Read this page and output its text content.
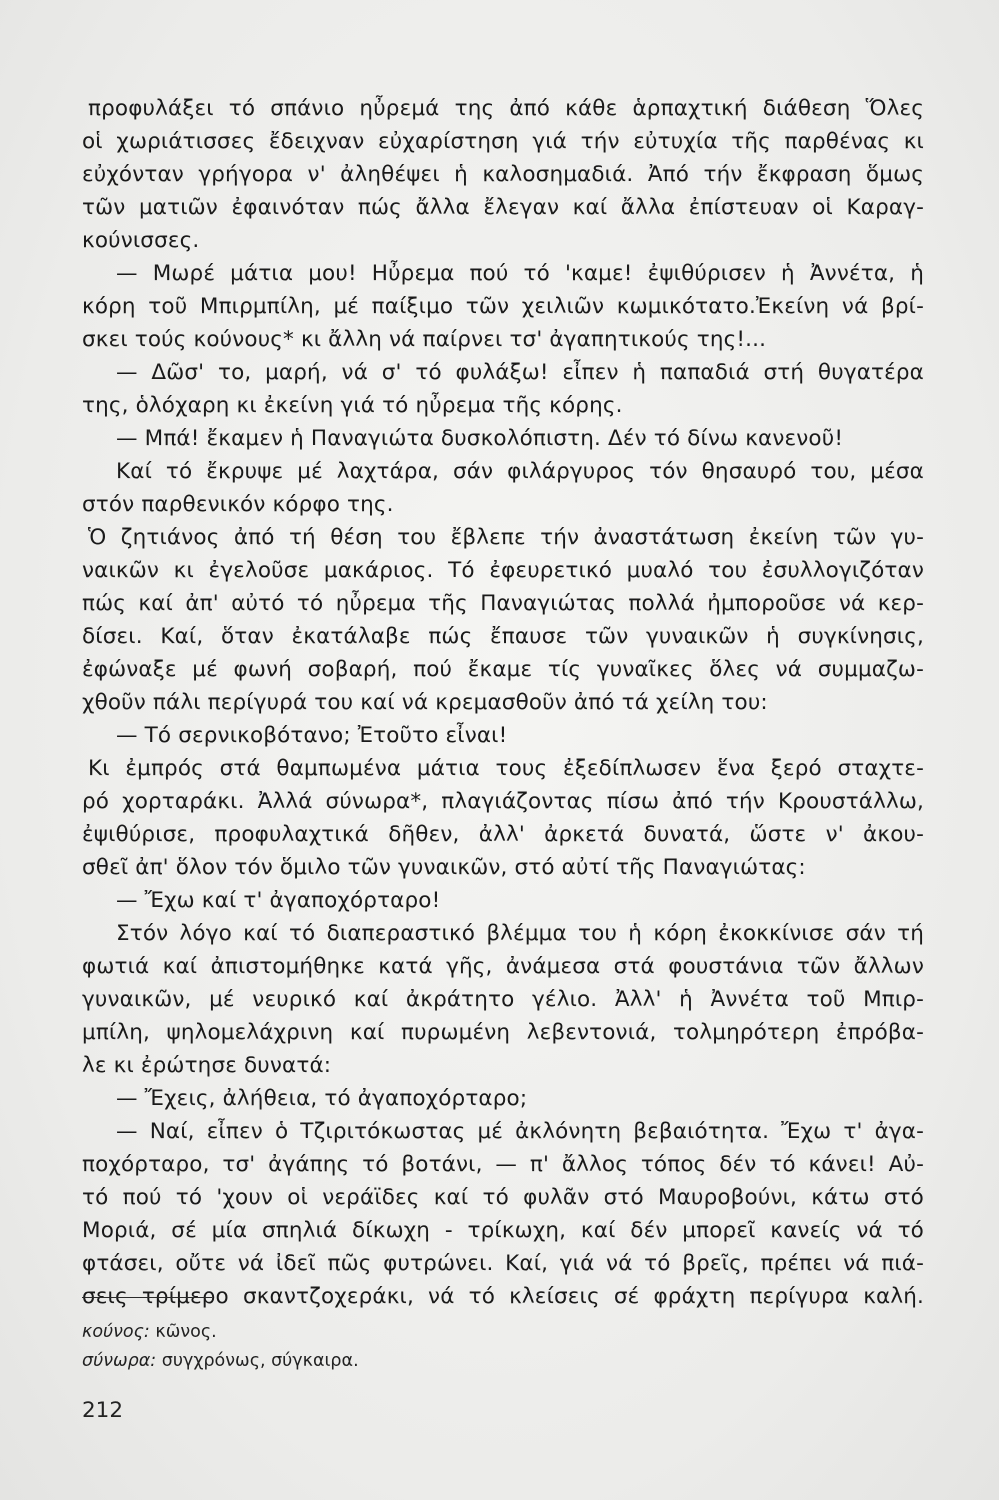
προφυλάξει τό σπάνιο ηὖρεμά της ἀπό κάθε ἁρπαχτική διάθεση Ὅλες
οἱ χωριάτισσες ἔδειχναν εὐχαρίστηση γιά τήν εὐτυχία τῆς παρθένας κι
εὐχόνταν γρήγορα ν' ἀληθέψει ἡ καλοσημαδιά. Ἀπό τήν ἔκφραση ὅμως
τῶν ματιῶν ἐφαινόταν πώς ἄλλα ἔλεγαν καί ἄλλα ἐπίστευαν οἱ Καραγ-
κούνισσες.
— Μωρέ μάτια μου! Ηὖρεμα πού τό 'καμε! ἐψιθύρισεν ἡ Ἀννέτα, ἡ
κόρη τοῦ Μπιρμπίλη, μέ παίξιμο τῶν χειλιῶν κωμικότατο.Ἐκείνη νά βρί-
σκει τούς κούνους* κι ἄλλη νά παίρνει τσ' ἀγαπητικούς της!...
— Δῶσ' το, μαρή, νά σ' τό φυλάξω! εἶπεν ἡ παπαδιά στή θυγατέρα
της, ὁλόχαρη κι ἐκείνη γιά τό ηὖρεμα τῆς κόρης.
— Μπά! ἔκαμεν ἡ Παναγιώτα δυσκολόπιστη. Δέν τό δίνω κανενοῦ!
Καί τό ἔκρυψε μέ λαχτάρα, σάν φιλάργυρος τόν θησαυρό του, μέσα
στόν παρθενικόν κόρφο της.
Ὁ ζητιάνος ἀπό τή θέση του ἔβλεπε τήν ἀναστάτωση ἐκείνη τῶν γυ-
ναικῶν κι ἐγελοῦσε μακάριος. Τό ἐφευρετικό μυαλό του ἐσυλλογιζόταν
πώς καί ἀπ' αὐτό τό ηὖρεμα τῆς Παναγιώτας πολλά ἠμποροῦσε νά κερ-
δίσει. Καί, ὅταν ἐκατάλαβε πώς ἔπαυσε τῶν γυναικῶν ἡ συγκίνησις,
ἐφώναξε μέ φωνή σοβαρή, πού ἔκαμε τίς γυναῖκες ὅλες νά συμμαζω-
χθοῦν πάλι περίγυρά του καί νά κρεμασθοῦν ἀπό τά χείλη του:
— Τό σερνικοβότανο; Ἐτοῦτο εἶναι!
Κι ἐμπρός στά θαμπωμένα μάτια τους ἐξεδίπλωσεν ἕνα ξερό σταχτε-
ρό χορταράκι. Ἀλλά σύνωρα*, πλαγιάζοντας πίσω ἀπό τήν Κρουστάλλω,
ἐψιθύρισε, προφυλαχτικά δῆθεν, ἀλλ' ἀρκετά δυνατά, ὥστε ν' ἀκου-
σθεῖ ἀπ' ὅλον τόν ὅμιλο τῶν γυναικῶν, στό αὐτί τῆς Παναγιώτας:
— Ἔχω καί τ' ἀγαποχόρταρο!
Στόν λόγο καί τό διαπεραστικό βλέμμα του ἡ κόρη ἐκοκκίνισε σάν τή
φωτιά καί ἀπιστομήθηκε κατά γῆς, ἀνάμεσα στά φουστάνια τῶν ἄλλων
γυναικῶν, μέ νευρικό καί ἀκράτητο γέλιο. Ἀλλ' ἡ Ἀννέτα τοῦ Μπιρ-
μπίλη, ψηλομελάχρινη καί πυρωμένη λεβεντονιά, τολμηρότερη ἐπρόβα-
λε κι ἐρώτησε δυνατά:
— Ἔχεις, ἀλήθεια, τό ἀγαποχόρταρο;
— Ναί, εἶπεν ὁ Τζιριτόκωστας μέ ἀκλόνητη βεβαιότητα. Ἔχω τ' ἀγα-
ποχόρταρο, τσ' ἀγάπης τό βοτάνι, — π' ἄλλος τόπος δέν τό κάνει! Αὐ-
τό πού τό 'χουν οἱ νεράϊδες καί τό φυλᾶν στό Μαυροβούνι, κάτω στό
Μοριά, σέ μία σπηλιά δίκωχη - τρίκωχη, καί δέν μπορεῖ κανείς νά τό
φτάσει, οὔτε νά ἰδεῖ πῶς φυτρώνει. Καί, γιά νά τό βρεῖς, πρέπει νά πιά-
σεις τρίμερο σκαντζοχεράκι, νά τό κλείσεις σέ φράχτη περίγυρα καλή.
κούνος: κῶνος.
σύνωρα: συγχρόνως, σύγκαιρα.
212
